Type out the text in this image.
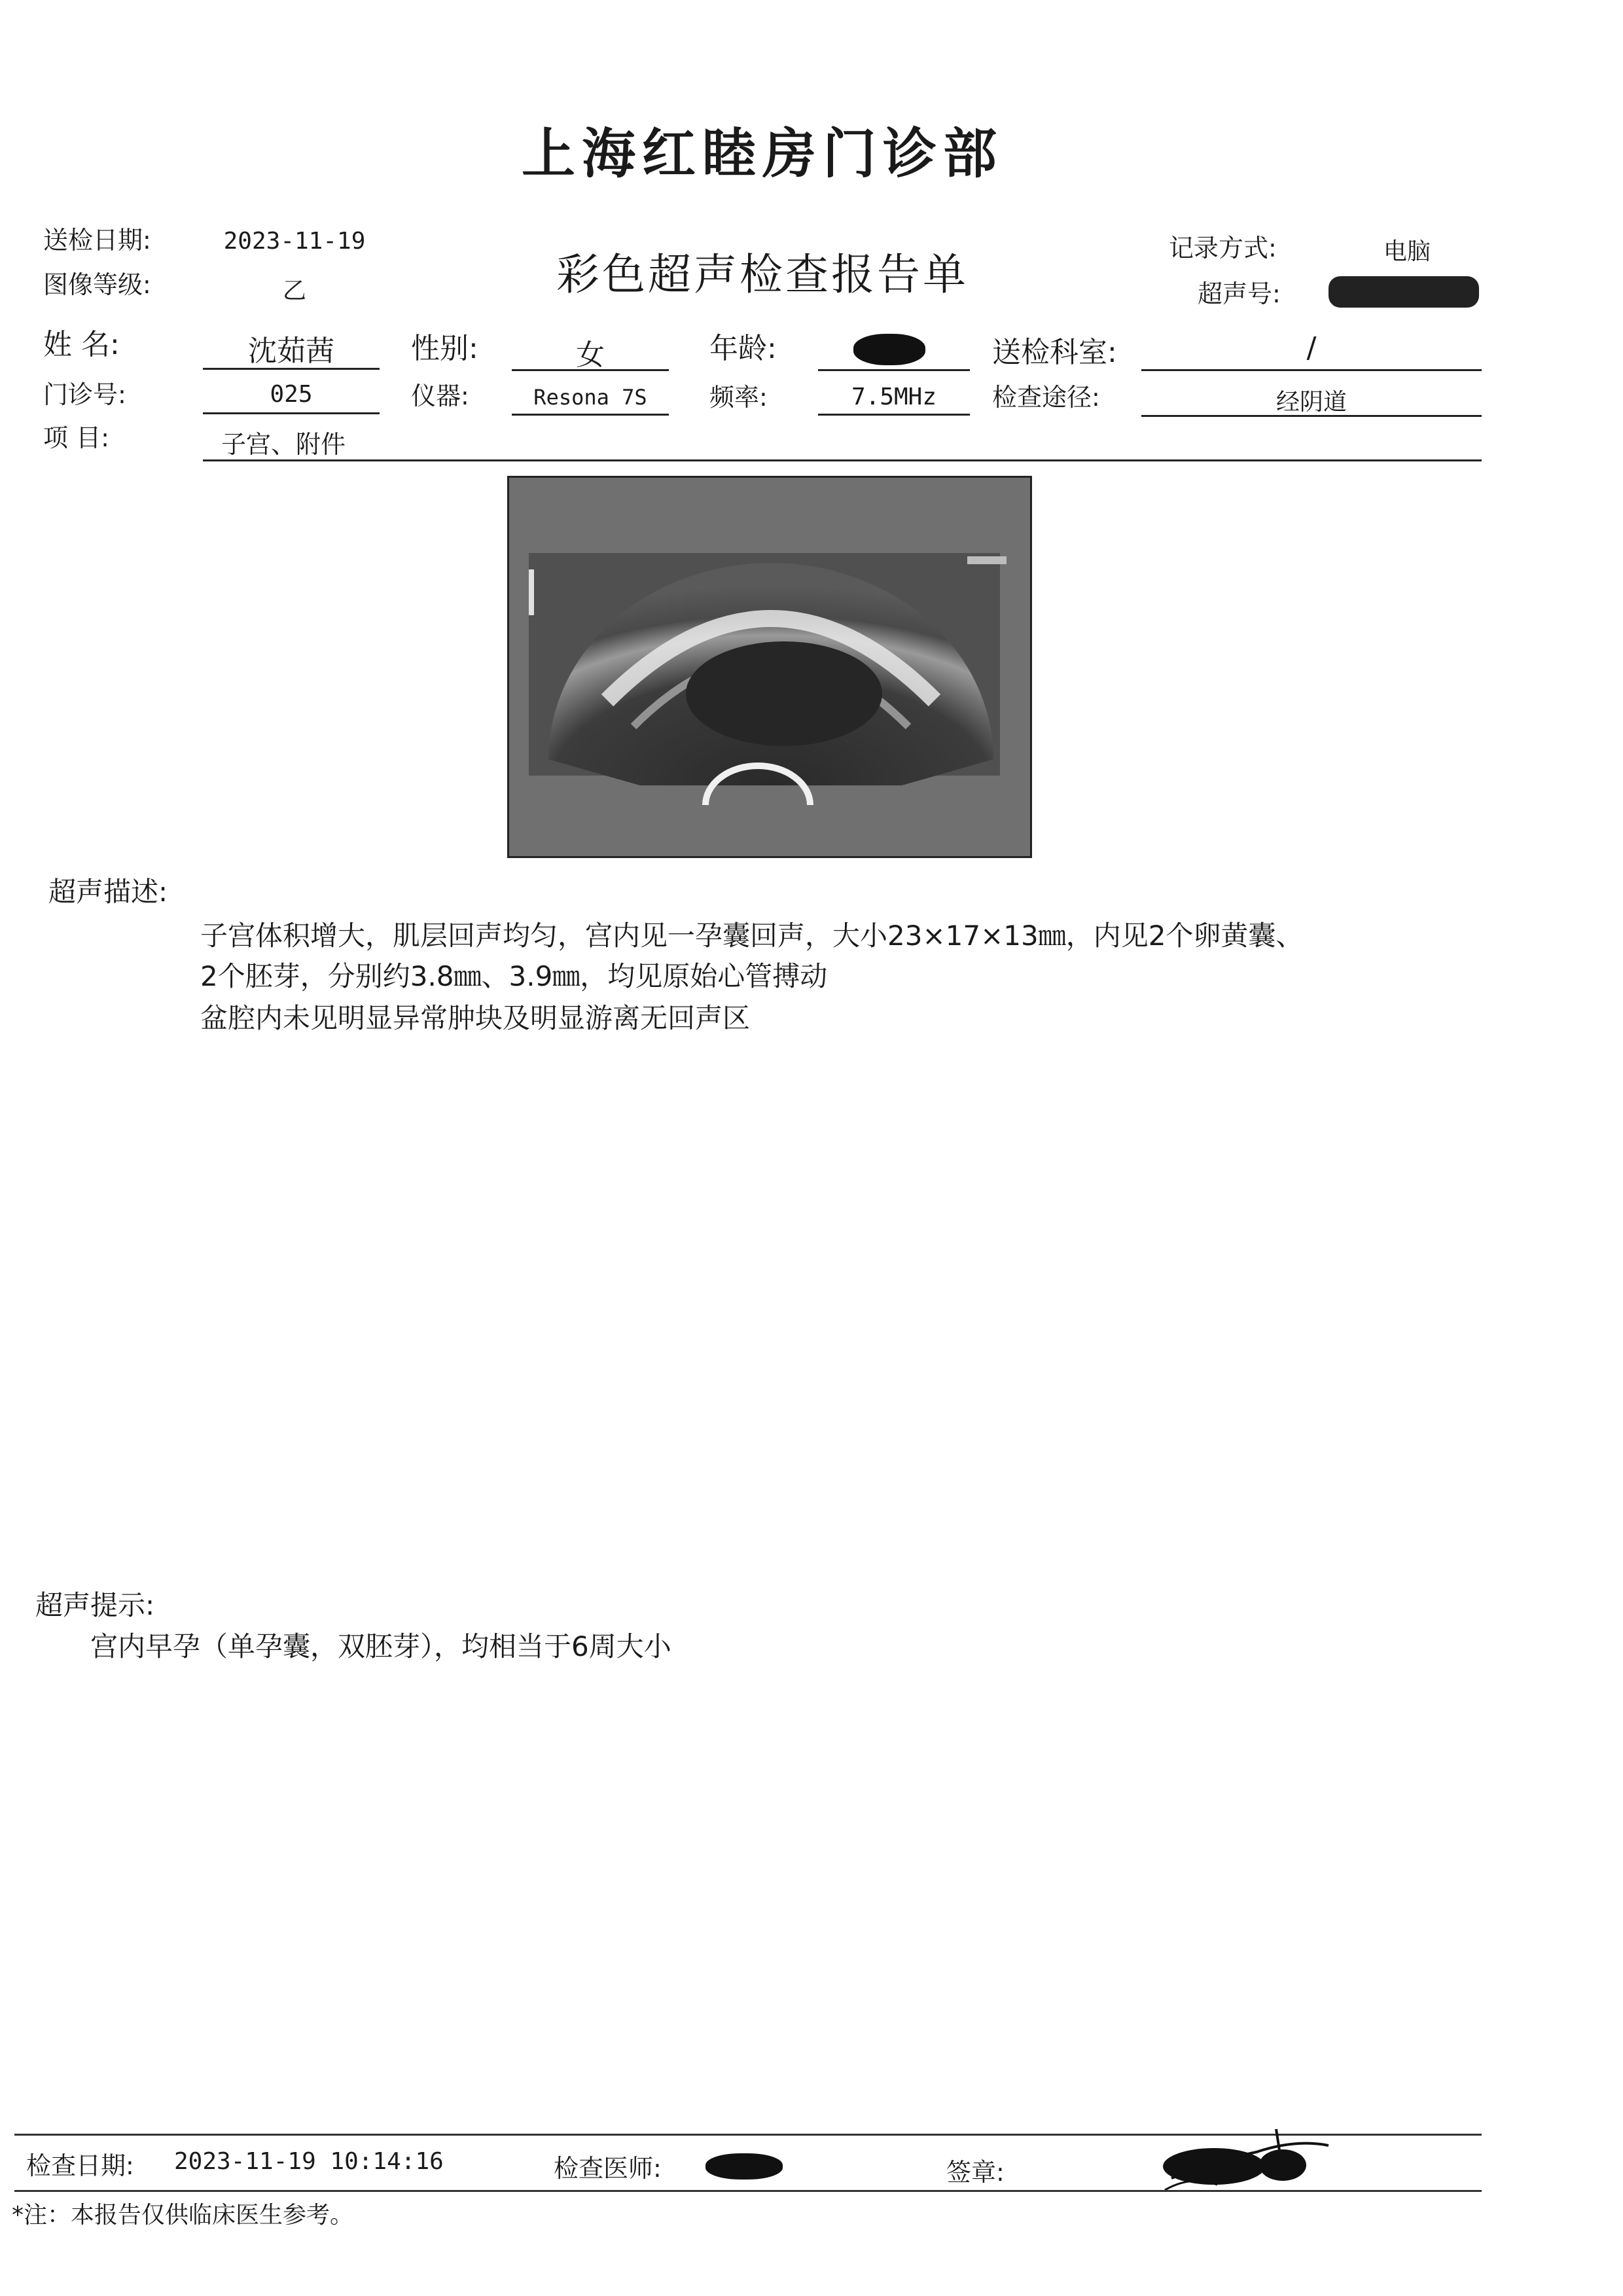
上海红睦房门诊部
彩色超声检查报告单
送检日期:	2023-11-19
图像等级:	乙
记录方式:	电脑
超声号:
姓 名:	沈茹茜	性别:	女	年龄:	送检科室:	/
门诊号:	025	仪器:	Resona 7S	频率:	7.5MHz	检查途径:	经阴道
项 目:	子宫、附件
超声描述:
子宫体积增大，肌层回声均匀，宫内见一孕囊回声，大小23×17×13㎜，内见2个卵黄囊、
2个胚芽，分别约3.8㎜、3.9㎜，均见原始心管搏动
盆腔内未见明显异常肿块及明显游离无回声区
超声提示:
宫内早孕（单孕囊，双胚芽），均相当于6周大小
检查日期: 2023-11-19 10:14:16	检查医师:	签章:
*注：本报告仅供临床医生参考。
